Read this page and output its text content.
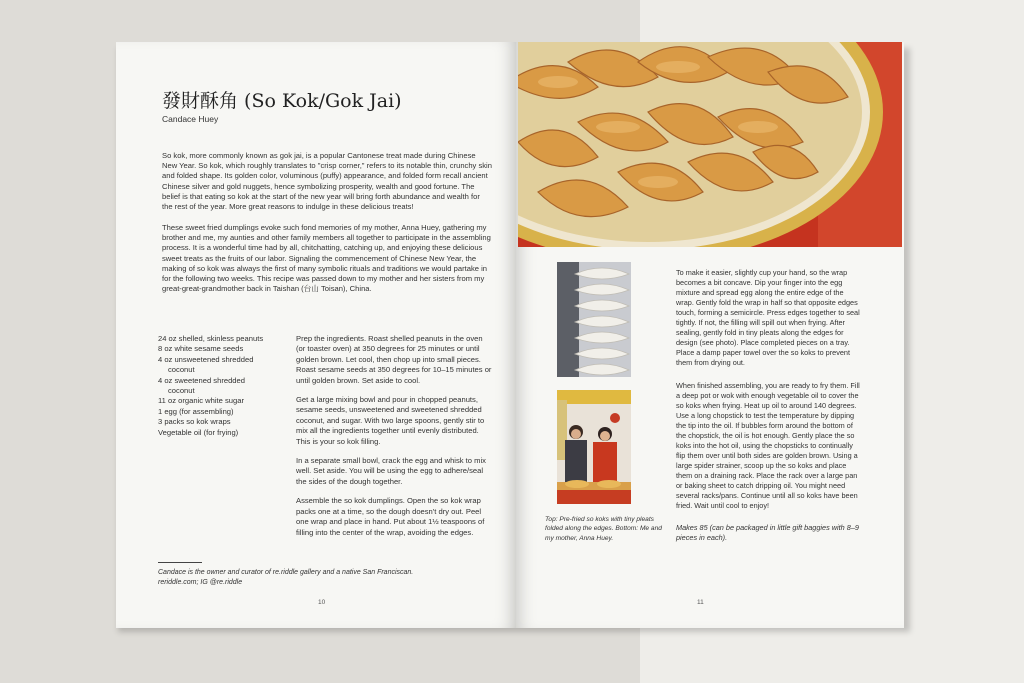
發財酥角 (So Kok/Gok Jai)
Candace Huey

So kok, more commonly known as gok jai, is a popular Cantonese treat made during Chinese New Year. So kok, which roughly translates to "crisp corner," refers to its notable thin, crunchy skin and folded shape. Its golden color, voluminous (puffy) appearance, and folded form recall ancient Chinese silver and gold nuggets, hence symbolizing prosperity, wealth and good fortune. The belief is that eating so kok at the start of the new year will bring forth abundance and wealth for the rest of the year. More great reasons to indulge in these delicious treats!

These sweet fried dumplings evoke such fond memories of my mother, Anna Huey, gathering my brother and me, my aunties and other family members all together to participate in the assembling process. It is a wonderful time had by all, chitchatting, catching up, and enjoying these delicious sweet treats as the fruits of our labor. Signaling the commencement of Chinese New Year, the making of so kok was always the first of many symbolic rituals and traditions we would partake in for the following two weeks. This recipe was passed down to my mother and her sisters from my great-great-grandmother back in Taishan (台山 Toisan), China.

24 oz shelled, skinless peanuts
8 oz white sesame seeds
4 oz unsweetened shredded
coconut
4 oz sweetened shredded
coconut
11 oz organic white sugar
1 egg (for assembling)
3 packs so kok wraps
Vegetable oil (for frying)

Prep the ingredients. Roast shelled peanuts in the oven (or toaster oven) at 350 degrees for 25 minutes or until golden brown. Let cool, then chop up into small pieces. Roast sesame seeds at 350 degrees for 10–15 minutes or until golden brown. Set aside to cool.

Get a large mixing bowl and pour in chopped peanuts, sesame seeds, unsweetened and sweetened shredded coconut, and sugar. With two large spoons, gently stir to mix all the ingredients together until evenly distributed. This is your so kok filling.

In a separate small bowl, crack the egg and whisk to mix well. Set aside. You will be using the egg to adhere/seal the sides of the dough together.

Assemble the so kok dumplings. Open the so kok wrap packs one at a time, so the dough doesn't dry out. Peel one wrap and place in hand. Put about 1½ teaspoons of filling into the center of the wrap, avoiding the edges.

Candace is the owner and curator of re.riddle gallery and a native San Franciscan.
reriddle.com; IG @re.riddle

10

Top: Pre-fried so koks with tiny pleats folded along the edges. Bottom: Me and my mother, Anna Huey.

To make it easier, slightly cup your hand, so the wrap becomes a bit concave. Dip your finger into the egg mixture and spread egg along the entire edge of the wrap. Gently fold the wrap in half so that opposite edges touch, forming a semicircle. Press edges together to seal tightly. If not, the filling will spill out when frying. After sealing, gently fold in tiny pleats along the edges for design (see photo). Place completed pieces on a tray. Place a damp paper towel over the so koks to prevent them from drying out.

When finished assembling, you are ready to fry them. Fill a deep pot or wok with enough vegetable oil to cover the so koks when frying. Heat up oil to around 140 degrees. Use a long chopstick to test the temperature by dipping the tip into the oil. If bubbles form around the bottom of the chopstick, the oil is hot enough. Gently place the so koks into the hot oil, using the chopsticks to continually flip them over until both sides are golden brown. Using a large spider strainer, scoop up the so koks and place them on a draining rack. Place the rack over a large pan or baking sheet to catch dripping oil. You might need several racks/pans. Continue until all so koks have been fried. Wait until cool to enjoy!

Makes 85 (can be packaged in little gift baggies with 8–9 pieces in each).

11
